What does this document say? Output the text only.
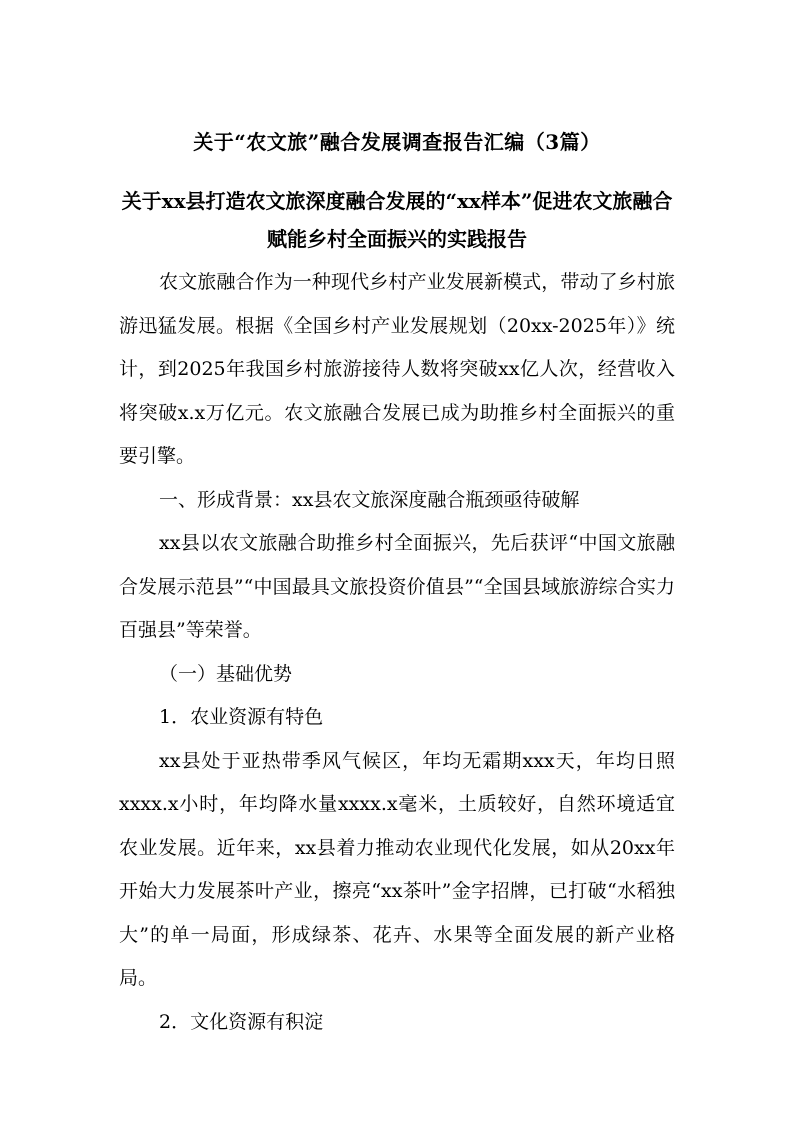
关于“农文旅”融合发展调查报告汇编（3篇）
关于xx县打造农文旅深度融合发展的“xx样本”促进农文旅融合赋能乡村全面振兴的实践报告

农文旅融合作为一种现代乡村产业发展新模式，带动了乡村旅游迅猛发展。根据《全国乡村产业发展规划（20xx-2025年）》统计，到2025年我国乡村旅游接待人数将突破xx亿人次，经营收入将突破x.x万亿元。农文旅融合发展已成为助推乡村全面振兴的重要引擎。

一、形成背景：xx县农文旅深度融合瓶颈亟待破解

xx县以农文旅融合助推乡村全面振兴，先后获评“中国文旅融合发展示范县”“中国最具文旅投资价值县”“全国县域旅游综合实力百强县”等荣誉。

（一）基础优势

1．农业资源有特色

xx县处于亚热带季风气候区，年均无霜期xxx天，年均日照xxxx.x小时，年均降水量xxxx.x毫米，土质较好，自然环境适宜农业发展。近年来，xx县着力推动农业现代化发展，如从20xx年开始大力发展茶叶产业，擦亮“xx茶叶”金字招牌，已打破“水稻独大”的单一局面，形成绿茶、花卉、水果等全面发展的新产业格局。

2．文化资源有积淀
